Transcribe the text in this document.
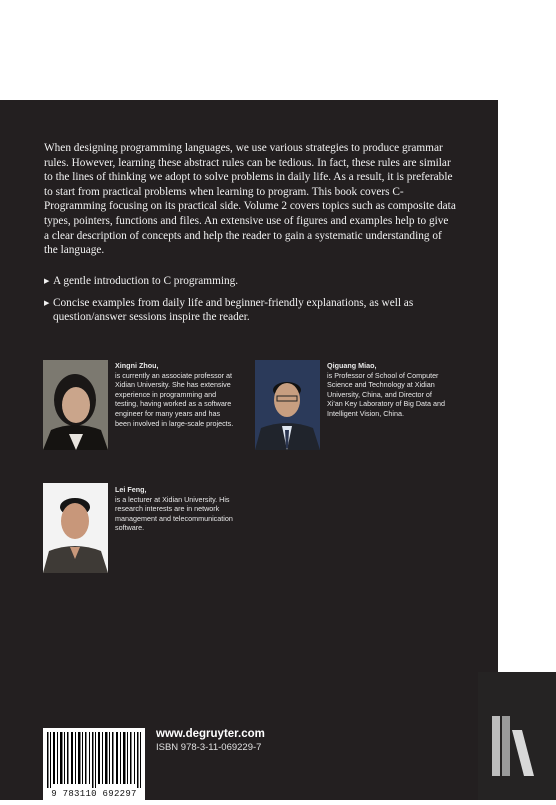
When designing programming languages, we use various strategies to produce grammar rules. However, learning these abstract rules can be tedious. In fact, these rules are similar to the lines of thinking we adopt to solve problems in daily life. As a result, it is preferable to start from practical problems when learning to program. This book covers C-Programming focusing on its practical side. Volume 2 covers topics such as composite data types, pointers, functions and files. An extensive use of figures and examples help to give a clear description of concepts and help the reader to gain a systematic understanding of the language.

▶ A gentle introduction to C programming.
▶ Concise examples from daily life and beginner-friendly explanations, as well as question/answer sessions inspire the reader.
Xingni Zhou,
is currently an associate professor at Xidian University. She has extensive experience in programming and testing, having worked as a software engineer for many years and has been involved in large-scale projects.
Qiguang Miao,
is Professor of School of Computer Science and Technology at Xidian University, China, and Director of Xi'an Key Laboratory of Big Data and Intelligent Vision, China.
Lei Feng,
is a lecturer at Xidian University. His research interests are in network management and telecommunication software.
9 783110 692297
www.degruyter.com
ISBN 978-3-11-069229-7
